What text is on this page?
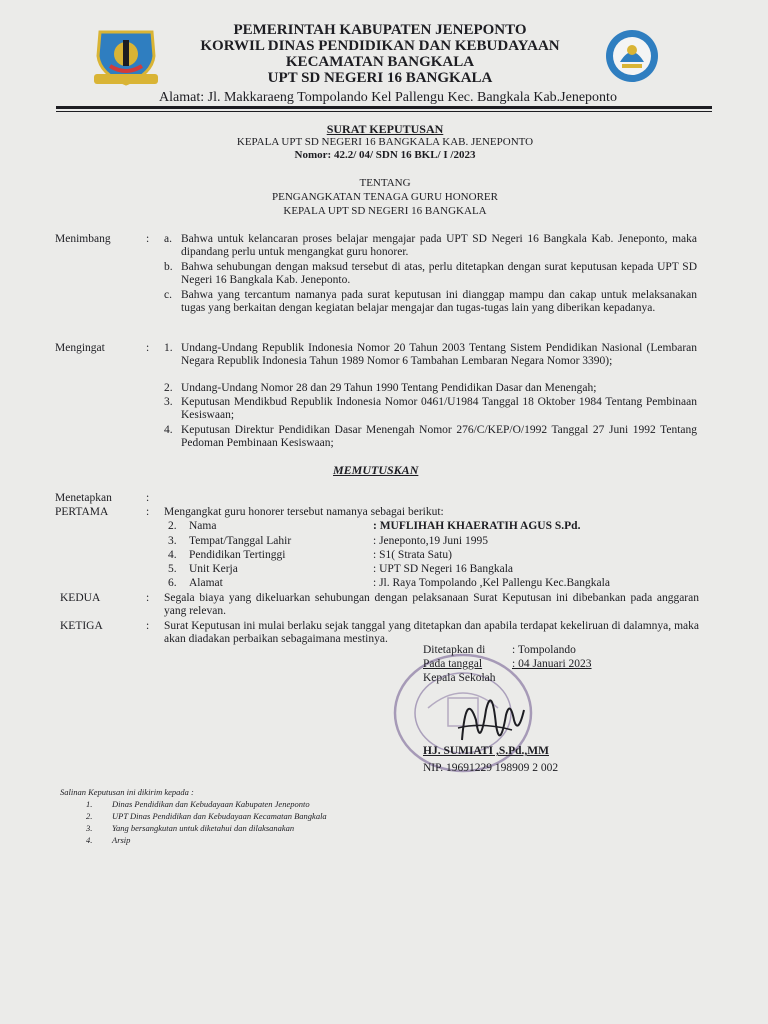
PEMERINTAH KABUPATEN JENEPONTO
KORWIL DINAS PENDIDIKAN DAN KEBUDAYAAN
KECAMATAN BANGKALA
UPT SD NEGERI 16 BANGKALA
Alamat: Jl. Makkaraeng Tompolando Kel Pallengu Kec. Bangkala Kab.Jeneponto
SURAT KEPUTUSAN
KEPALA UPT SD NEGERI 16 BANGKALA KAB. JENEPONTO
Nomor: 42.2/ 04/ SDN 16 BKL/ I /2023
TENTANG
PENGANGKATAN TENAGA GURU HONORER
KEPALA UPT SD NEGERI 16 BANGKALA
Menimbang	: a. Bahwa untuk kelancaran proses belajar mengajar pada UPT SD Negeri 16 Bangkala Kab. Jeneponto, maka dipandang perlu untuk mengangkat guru honorer.
b. Bahwa sehubungan dengan maksud tersebut di atas, perlu ditetapkan dengan surat keputusan kepada UPT SD Negeri 16 Bangkala Kab. Jeneponto.
c. Bahwa yang tercantum namanya pada surat keputusan ini dianggap mampu dan cakap untuk melaksanakan tugas yang berkaitan dengan kegiatan belajar mengajar dan tugas-tugas lain yang diberikan kepadanya.
Mengingat	: 1. Undang-Undang Republik Indonesia Nomor 20 Tahun 2003 Tentang Sistem Pendidikan Nasional (Lembaran Negara Republik Indonesia Tahun 1989 Nomor 6 Tambahan Lembaran Negara Nomor 3390);
2. Undang-Undang Nomor 28 dan 29 Tahun 1990 Tentang Pendidikan Dasar dan Menengah;
3. Keputusan Mendikbud Republik Indonesia Nomor 0461/U1984 Tanggal 18 Oktober 1984 Tentang Pembinaan Kesiswaan;
4. Keputusan Direktur Pendidikan Dasar Menengah Nomor 276/C/KEP/O/1992 Tanggal 27 Juni 1992 Tentang Pedoman Pembinaan Kesiswaan;
MEMUTUSKAN
Menetapkan	:
PERTAMA	: Mengangkat guru honorer tersebut namanya sebagai berikut:
2. Nama	: MUFLIHAH KHAERATIH AGUS S.Pd.
3. Tempat/Tanggal Lahir	: Jeneponto,19 Juni 1995
4. Pendidikan Tertinggi	: S1( Strata Satu)
5. Unit Kerja	: UPT SD Negeri 16 Bangkala
6. Alamat	: Jl. Raya Tompolando ,Kel Pallengu Kec.Bangkala
KEDUA	: Segala biaya yang dikeluarkan sehubungan dengan pelaksanaan Surat Keputusan ini dibebankan pada anggaran yang relevan.
KETIGA	: Surat Keputusan ini mulai berlaku sejak tanggal yang ditetapkan dan apabila terdapat kekeliruan di dalamnya, maka akan diadakan perbaikan sebagaimana mestinya.
Ditetapkan di : Tompolando
Pada tanggal	: 04 Januari 2023
Kepala Sekolah
HJ. SUMIATI ,S.Pd.,MM
NIP. 19691229 198909 2 002
Salinan Keputusan ini dikirim kepada :
1. Dinas Pendidikan dan Kebudayaan Kabupaten Jeneponto
2. UPT Dinas Pendidikan dan Kebudayaan Kecamatan Bangkala
3. Yang bersangkutan untuk diketahui dan dilaksanakan
4. Arsip
